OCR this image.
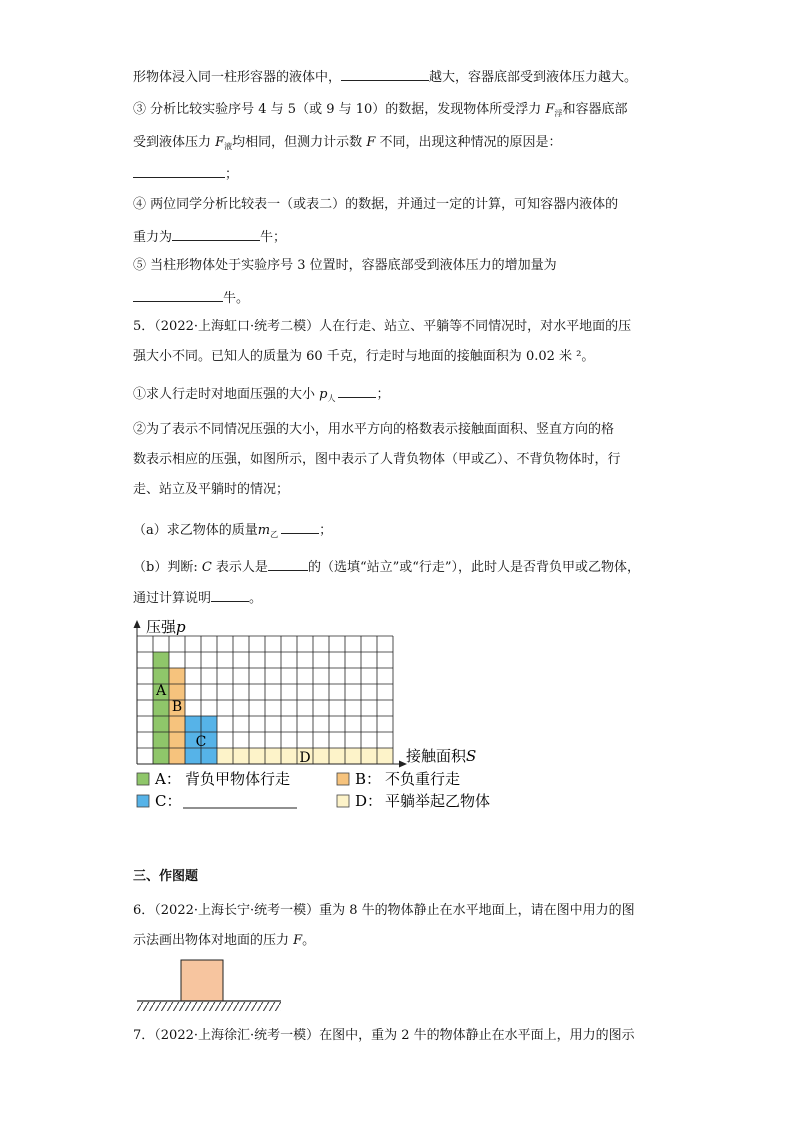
形物体浸入同一柱形容器的液体中，	越大，容器底部受到液体压力越大。
③ 分析比较实验序号 4 与 5（或 9 与 10）的数据，发现物体所受浮力 $F_浮$和容器底部
受到液体压力 $F_液$均相同，但测力计示数 F 不同，出现这种情况的原因是：
；
④ 两位同学分析比较表一（或表二）的数据，并通过一定的计算，可知容器内液体的
重力为	牛；
⑤ 当柱形物体处于实验序号 3 位置时，容器底部受到液体压力的增加量为
牛。
5．（2022·上海虹口·统考二模）人在行走、站立、平躺等不同情况时，对水平地面的压
强大小不同。已知人的质量为 60 千克，行走时与地面的接触面积为 0.02 米 ²。
①求人行走时对地面压强的大小 $p_人$	；
②为了表示不同情况压强的大小，用水平方向的格数表示接触面面积、竖直方向的格
数表示相应的压强，如图所示，图中表示了人背负物体（甲或乙）、不背负物体时，行
走、站立及平躺时的情况；
（a）求乙物体的质量$m_乙$	；
（b）判断: C 表示人是	的（选填“站立”或“行走”），此时人是否背负甲或乙物体，
通过计算说明	。
压强p
接触面积S
A
B
C
D
A： 背负甲物体行走	B： 不负重行走
C：	D： 平躺举起乙物体
三、作图题
6．（2022·上海长宁·统考一模）重为 8 牛的物体静止在水平地面上，请在图中用力的图
示法画出物体对地面的压力 F。
7．（2022·上海徐汇·统考一模）在图中，重为 2 牛的物体静止在水平面上，用力的图示
